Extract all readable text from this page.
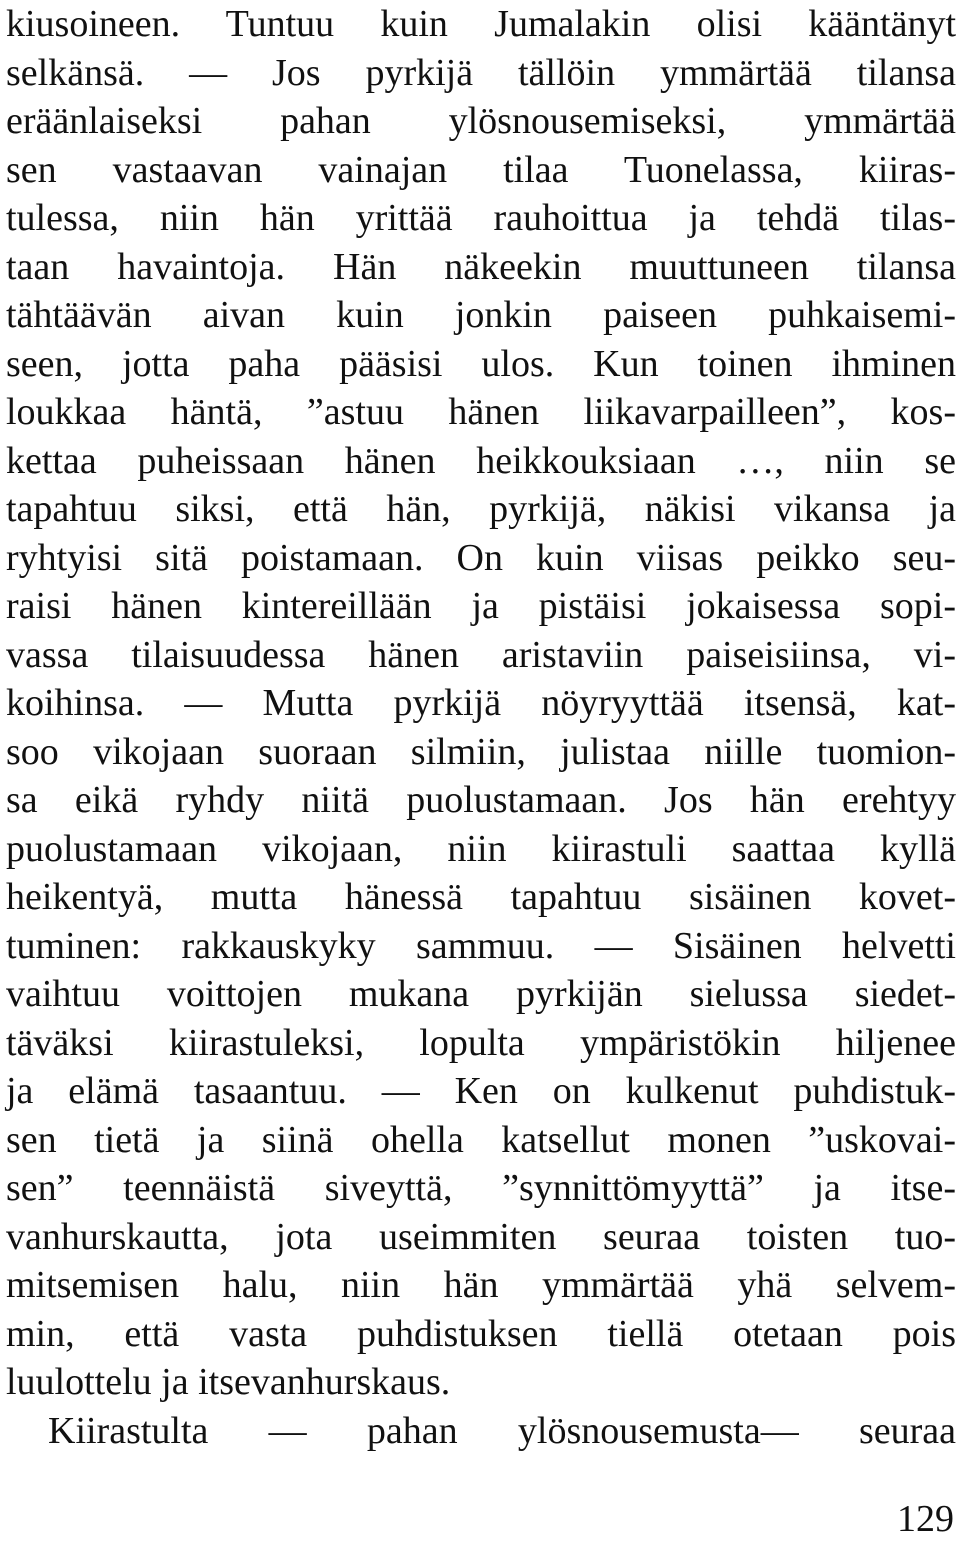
kiusoineen. Tuntuu kuin Jumalakin olisi kääntänyt
selkänsä. — Jos pyrkijä tällöin ymmärtää tilansa
eräänlaiseksi pahan ylösnousemiseksi, ymmärtää
sen vastaavan vainajan tilaa Tuonelassa, kiiras-
tulessa, niin hän yrittää rauhoittua ja tehdä tilas-
taan havaintoja. Hän näkeekin muuttuneen tilansa
tähtäävän aivan kuin jonkin paiseen puhkaisemi-
seen, jotta paha pääsisi ulos. Kun toinen ihminen
loukkaa häntä, ”astuu hänen liikavarpailleen”, kos-
kettaa puheissaan hänen heikkouksiaan …, niin se
tapahtuu siksi, että hän, pyrkijä, näkisi vikansa ja
ryhtyisi sitä poistamaan. On kuin viisas peikko seu-
raisi hänen kintereillään ja pistäisi jokaisessa sopi-
vassa tilaisuudessa hänen aristaviin paiseisiinsa, vi-
koihinsa. — Mutta pyrkijä nöyryyttää itsensä, kat-
soo vikojaan suoraan silmiin, julistaa niille tuomion-
sa eikä ryhdy niitä puolustamaan. Jos hän erehtyy
puolustamaan vikojaan, niin kiirastuli saattaa kyllä
heikentyä, mutta hänessä tapahtuu sisäinen kovet-
tuminen: rakkauskyky sammuu. — Sisäinen helvetti
vaihtuu voittojen mukana pyrkijän sielussa siedet-
täväksi kiirastuleksi, lopulta ympäristökin hiljenee
ja elämä tasaantuu. — Ken on kulkenut puhdistuk-
sen tietä ja siinä ohella katsellut monen ”uskovai-
sen” teennäistä siveyttä, ”synnittömyyttä” ja itse-
vanhurskautta, jota useimmiten seuraa toisten tuo-
mitsemisen halu, niin hän ymmärtää yhä selvem-
min, että vasta puhdistuksen tiellä otetaan pois
luulottelu ja itsevanhurskaus.
Kiirastulta — pahan ylösnousemusta— seuraa
129
